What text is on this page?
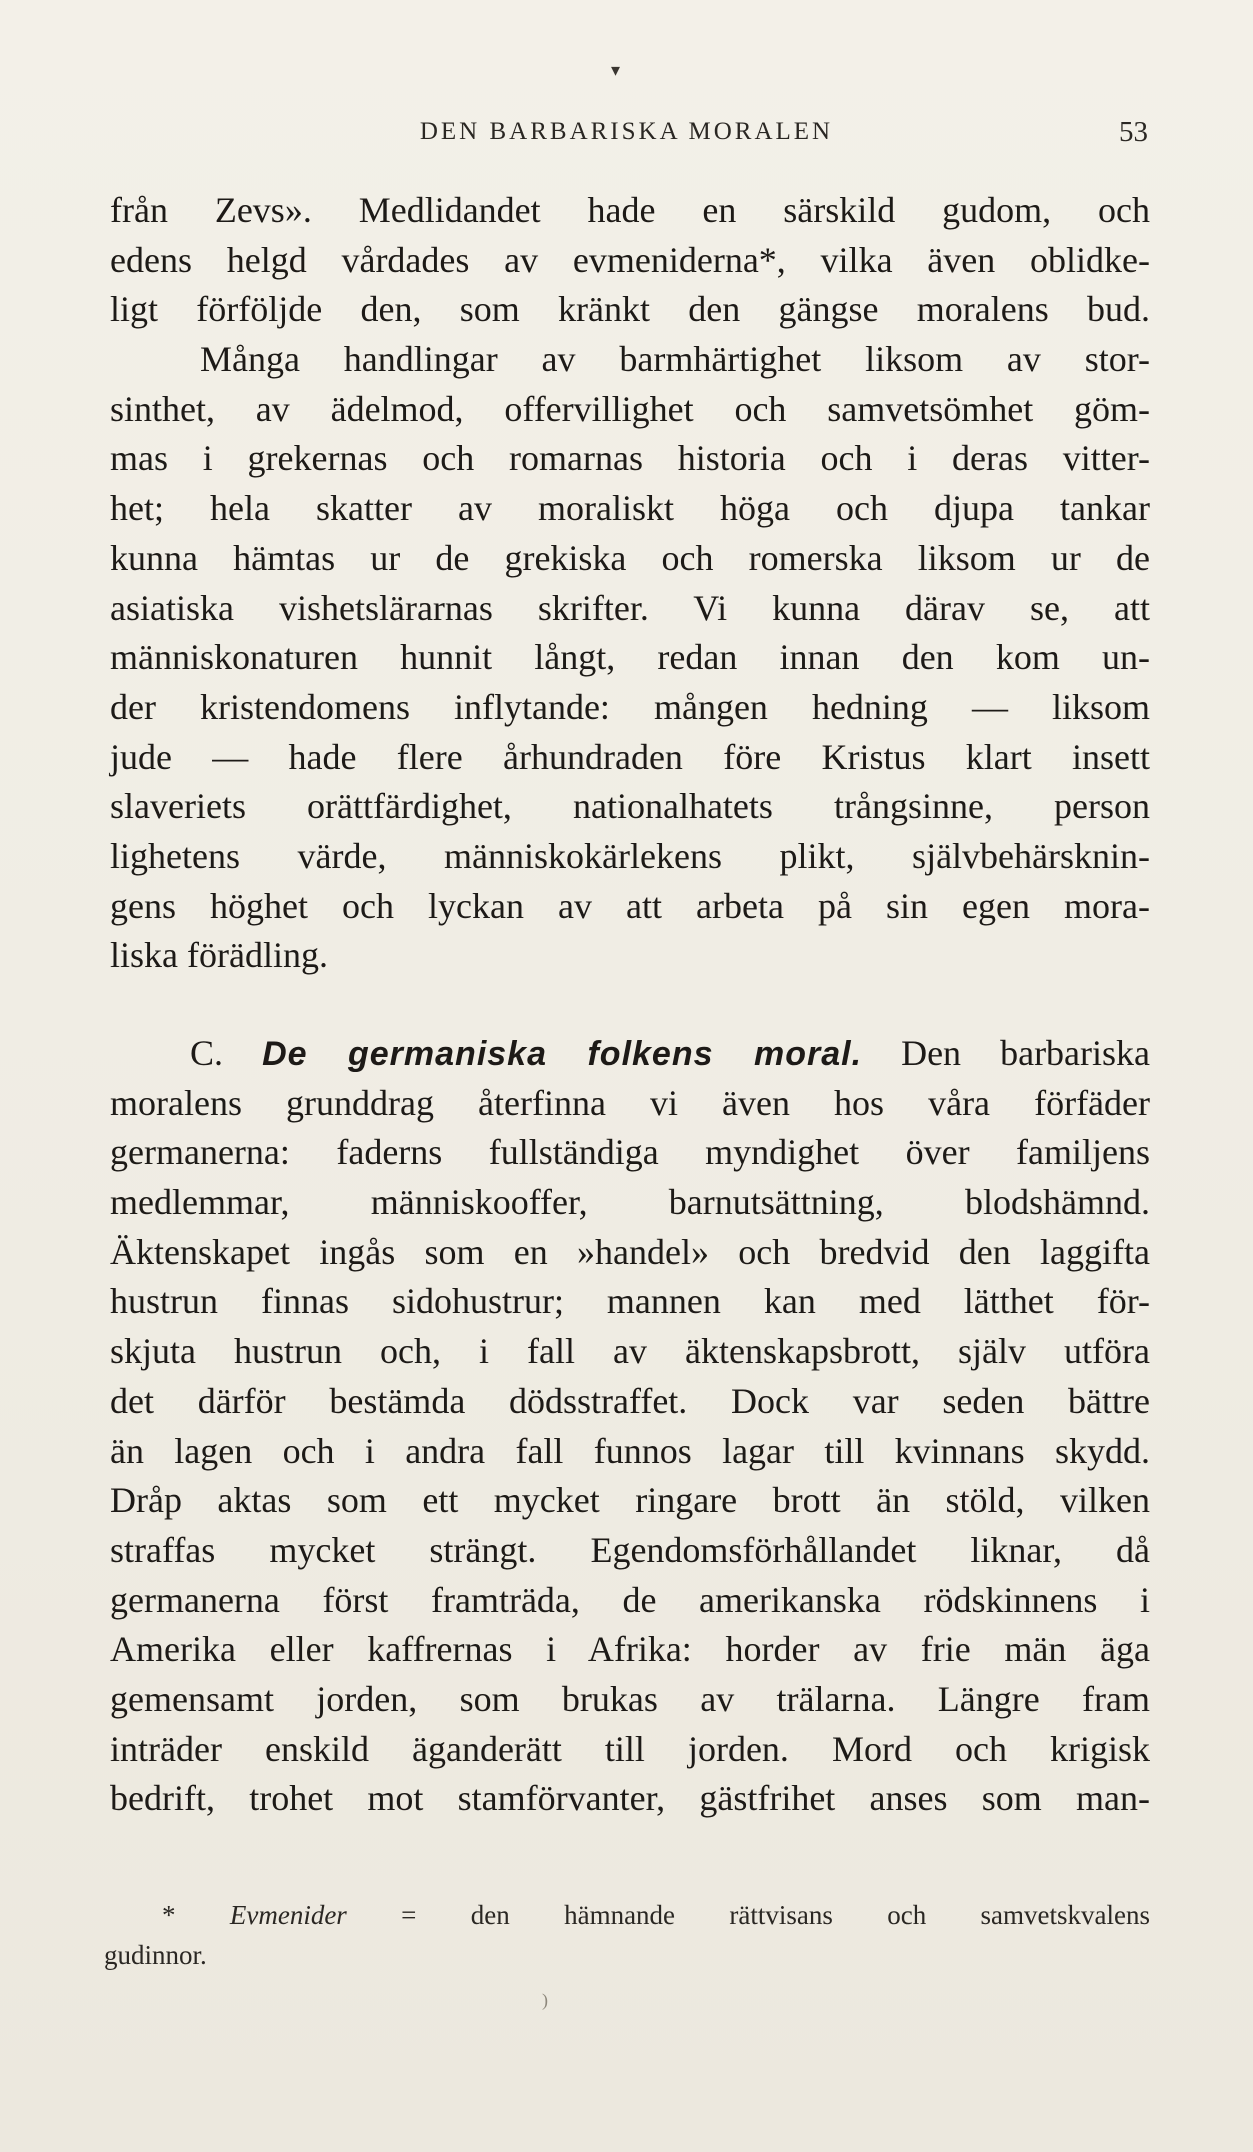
▾
DEN BARBARISKA MORALEN	53
från Zevs». Medlidandet hade en särskild gudom, och
edens helgd vårdades av evmeniderna*, vilka även oblidke-
ligt förföljde den, som kränkt den gängse moralens bud.
Många handlingar av barmhärtighet liksom av stor-
sinthet, av ädelmod, offervillighet och samvetsömhet göm-
mas i grekernas och romarnas historia och i deras vitter-
het; hela skatter av moraliskt höga och djupa tankar
kunna hämtas ur de grekiska och romerska liksom ur de
asiatiska vishetslärarnas skrifter. Vi kunna därav se, att
människonaturen hunnit långt, redan innan den kom un-
der kristendomens inflytande: mången hedning — liksom
jude — hade flere århundraden före Kristus klart insett
slaveriets orättfärdighet, nationalhatets trångsinne, person
lighetens värde, människokärlekens plikt, självbehärsknin-
gens höghet och lyckan av att arbeta på sin egen mora-
liska förädling.
C. De germaniska folkens moral. Den barbariska
moralens grunddrag återfinna vi även hos våra förfäder
germanerna: faderns fullständiga myndighet över familjens
medlemmar, människooffer, barnutsättning, blodshämnd.
Äktenskapet ingås som en »handel» och bredvid den laggifta
hustrun finnas sidohustrur; mannen kan med lätthet för-
skjuta hustrun och, i fall av äktenskapsbrott, själv utföra
det därför bestämda dödsstraffet. Dock var seden bättre
än lagen och i andra fall funnos lagar till kvinnans skydd.
Dråp aktas som ett mycket ringare brott än stöld, vilken
straffas mycket strängt. Egendomsförhållandet liknar, då
germanerna först framträda, de amerikanska rödskinnens i
Amerika eller kaffrernas i Afrika: horder av frie män äga
gemensamt jorden, som brukas av trälarna. Längre fram
inträder enskild äganderätt till jorden. Mord och krigisk
bedrift, trohet mot stamförvanter, gästfrihet anses som man-
* Evmenider = den hämnande rättvisans och samvetskvalens
gudinnor.
)
